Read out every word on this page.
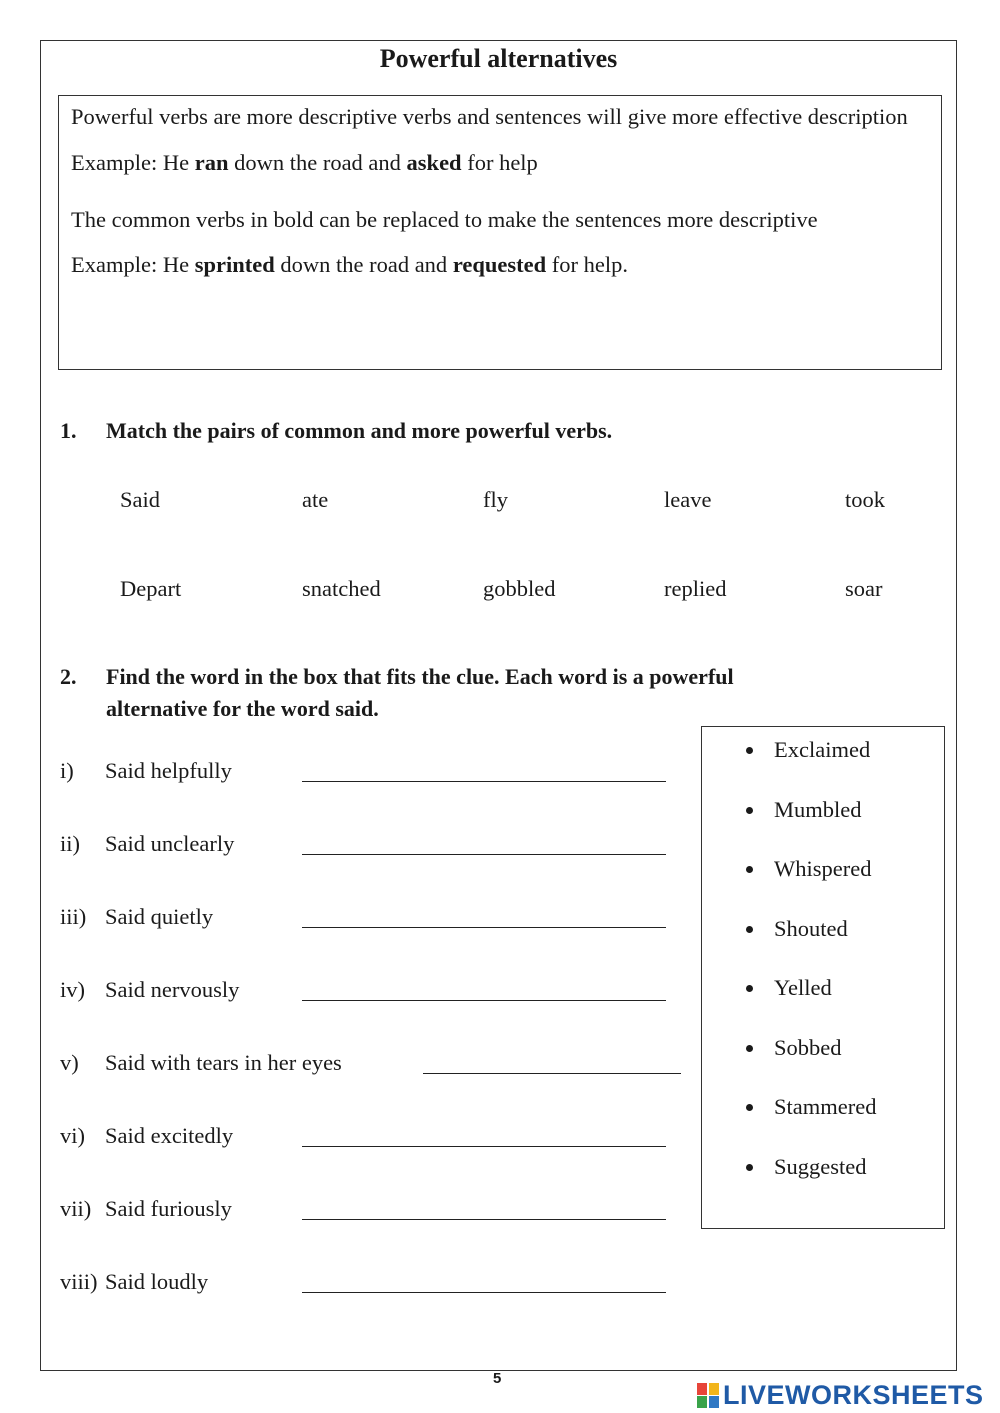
Powerful alternatives

Powerful verbs are more descriptive verbs and sentences will give more effective description

Example: He ran down the road and asked for help

The common verbs in bold can be replaced to make the sentences more descriptive

Example: He sprinted down the road and requested for help.

1. Match the pairs of common and more powerful verbs.
Said	ate	fly	leave	took
Depart	snatched	gobbled	replied	soar
2. Find the word in the box that fits the clue. Each word is a powerful
alternative for the word said.
i) Said helpfully
ii) Said unclearly
iii) Said quietly
iv) Said nervously
v) Said with tears in her eyes
vi) Said excitedly
vii) Said furiously
viii) Said loudly
Exclaimed
Mumbled
Whispered
Shouted
Yelled
Sobbed
Stammered
Suggested
5
LIVEWORKSHEETS
